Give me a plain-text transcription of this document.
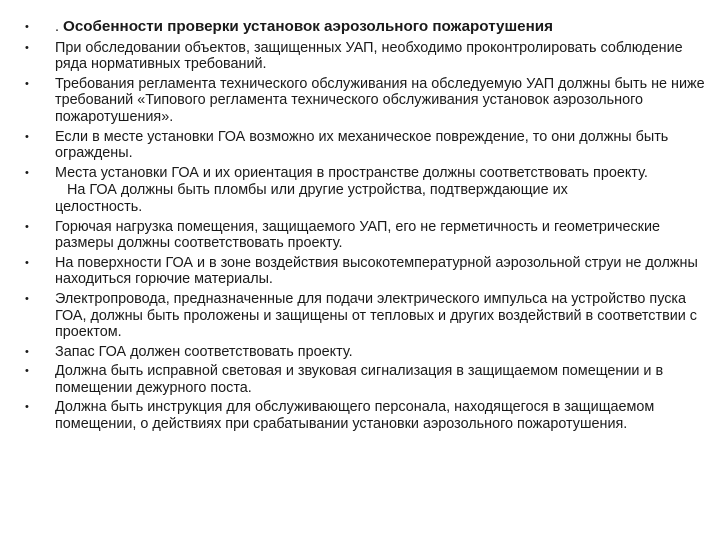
• . Особенности проверки установок аэрозольного пожаротушения
• При обследовании объектов, защищенных УАП, необходимо проконтролировать соблюдение ряда нормативных требований.
• Требования регламента технического обслуживания на обследуемую УАП должны быть не ниже требований «Типового регламента технического обслуживания установок аэрозольного пожаротушения».
• Если в месте установки ГОА возможно их механическое повреждение, то они должны быть ограждены.
• Места установки ГОА и их ориентация в пространстве должны соответствовать проекту.
На ГОА должны быть пломбы или другие устройства, подтверждающие их
целостность.
• Горючая нагрузка помещения, защищаемого УАП, его не герметичность и геометрические размеры должны соответствовать проекту.
• На поверхности ГОА и в зоне воздействия высокотемпературной аэрозольной струи не должны находиться горючие материалы.
• Электропровода, предназначенные для подачи электрического импульса на устройство пуска ГОА, должны быть проложены и защищены от тепловых и других воздействий в соответствии с проектом.
• Запас ГОА должен соответствовать проекту.
• Должна быть исправной световая и звуковая сигнализация в защищаемом помещении и в помещении дежурного поста.
• Должна быть инструкция для обслуживающего персонала, находящегося в защищаемом помещении, о действиях при срабатывании установки аэрозольного пожаротушения.
